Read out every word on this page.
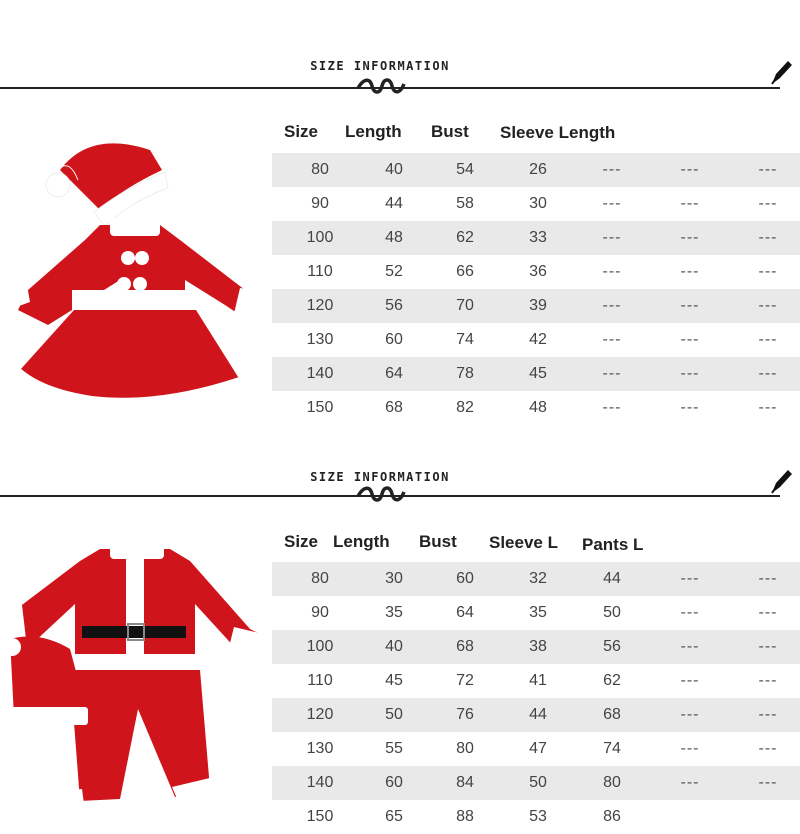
SIZE INFORMATION
Size Length Bust Sleeve Length
80	40	54	26	---	---	---
90	44	58	30	---	---	---
100	48	62	33	---	---	---
110	52	66	36	---	---	---
120	56	70	39	---	---	---
130	60	74	42	---	---	---
140	64	78	45	---	---	---
150	68	82	48	---	---	---
SIZE INFORMATION
Size Length Bust Sleeve L Pants L
80	30	60	32	44	---	---
90	35	64	35	50	---	---
100	40	68	38	56	---	---
110	45	72	41	62	---	---
120	50	76	44	68	---	---
130	55	80	47	74	---	---
140	60	84	50	80	---	---
150	65	88	53	86
